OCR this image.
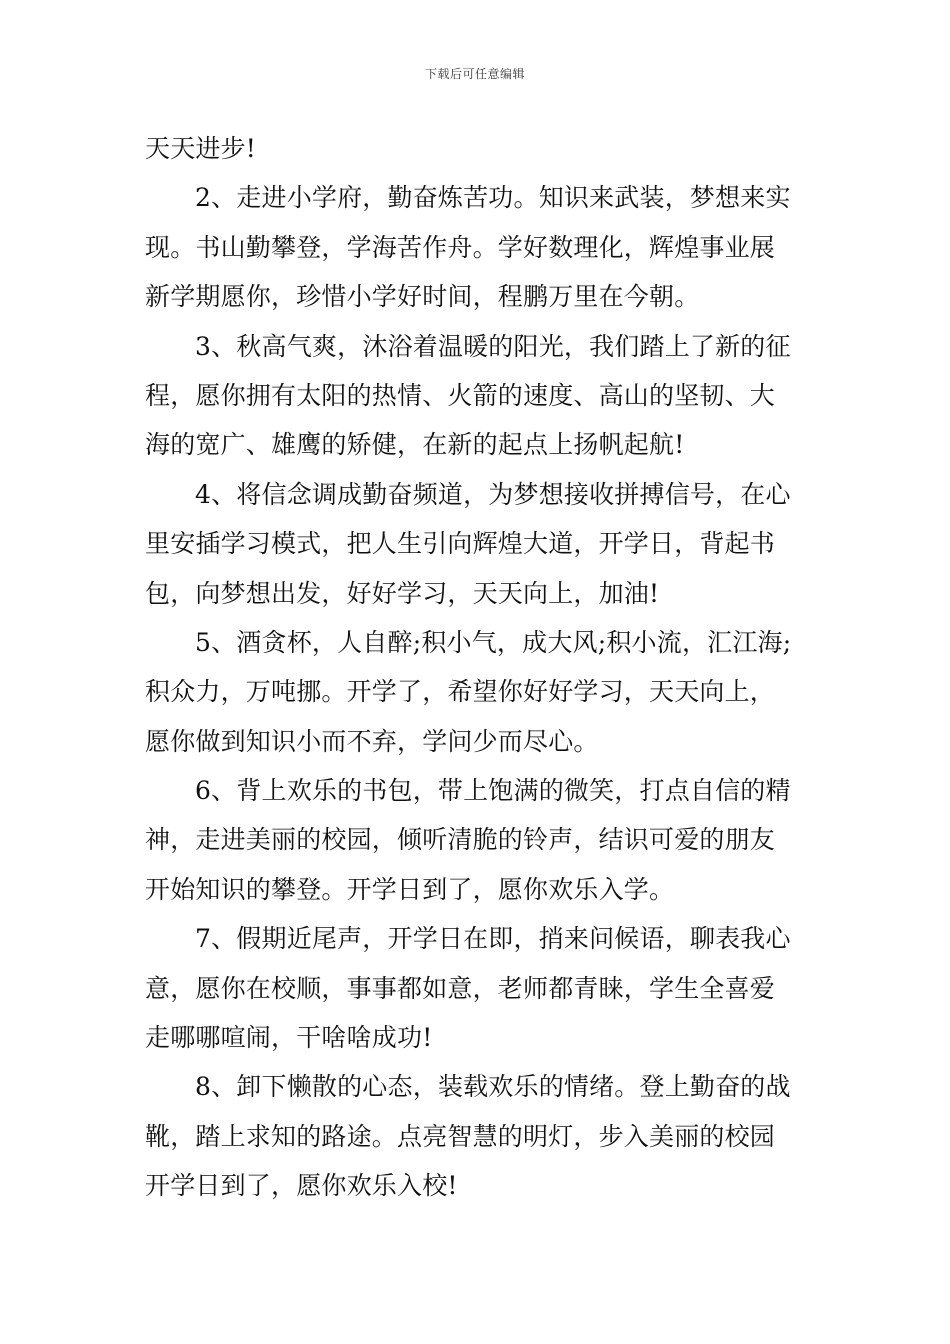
下载后可任意编辑
天天进步!
2、走进小学府，勤奋炼苦功。知识来武装，梦想来实
现。书山勤攀登，学海苦作舟。学好数理化，辉煌事业展
新学期愿你，珍惜小学好时间，程鹏万里在今朝。
3、秋高气爽，沐浴着温暖的阳光，我们踏上了新的征
程，愿你拥有太阳的热情、火箭的速度、高山的坚韧、大
海的宽广、雄鹰的矫健，在新的起点上扬帆起航!
4、将信念调成勤奋频道，为梦想接收拼搏信号，在心
里安插学习模式，把人生引向辉煌大道，开学日，背起书
包，向梦想出发，好好学习，天天向上，加油!
5、酒贪杯，人自醉;积小气，成大风;积小流，汇江海;
积众力，万吨挪。开学了，希望你好好学习，天天向上，
愿你做到知识小而不弃，学问少而尽心。
6、背上欢乐的书包，带上饱满的微笑，打点自信的精
神，走进美丽的校园，倾听清脆的铃声，结识可爱的朋友
开始知识的攀登。开学日到了，愿你欢乐入学。
7、假期近尾声，开学日在即，捎来问候语，聊表我心
意，愿你在校顺，事事都如意，老师都青睐，学生全喜爱
走哪哪喧闹，干啥啥成功!
8、卸下懒散的心态，装载欢乐的情绪。登上勤奋的战
靴，踏上求知的路途。点亮智慧的明灯，步入美丽的校园
开学日到了，愿你欢乐入校!
